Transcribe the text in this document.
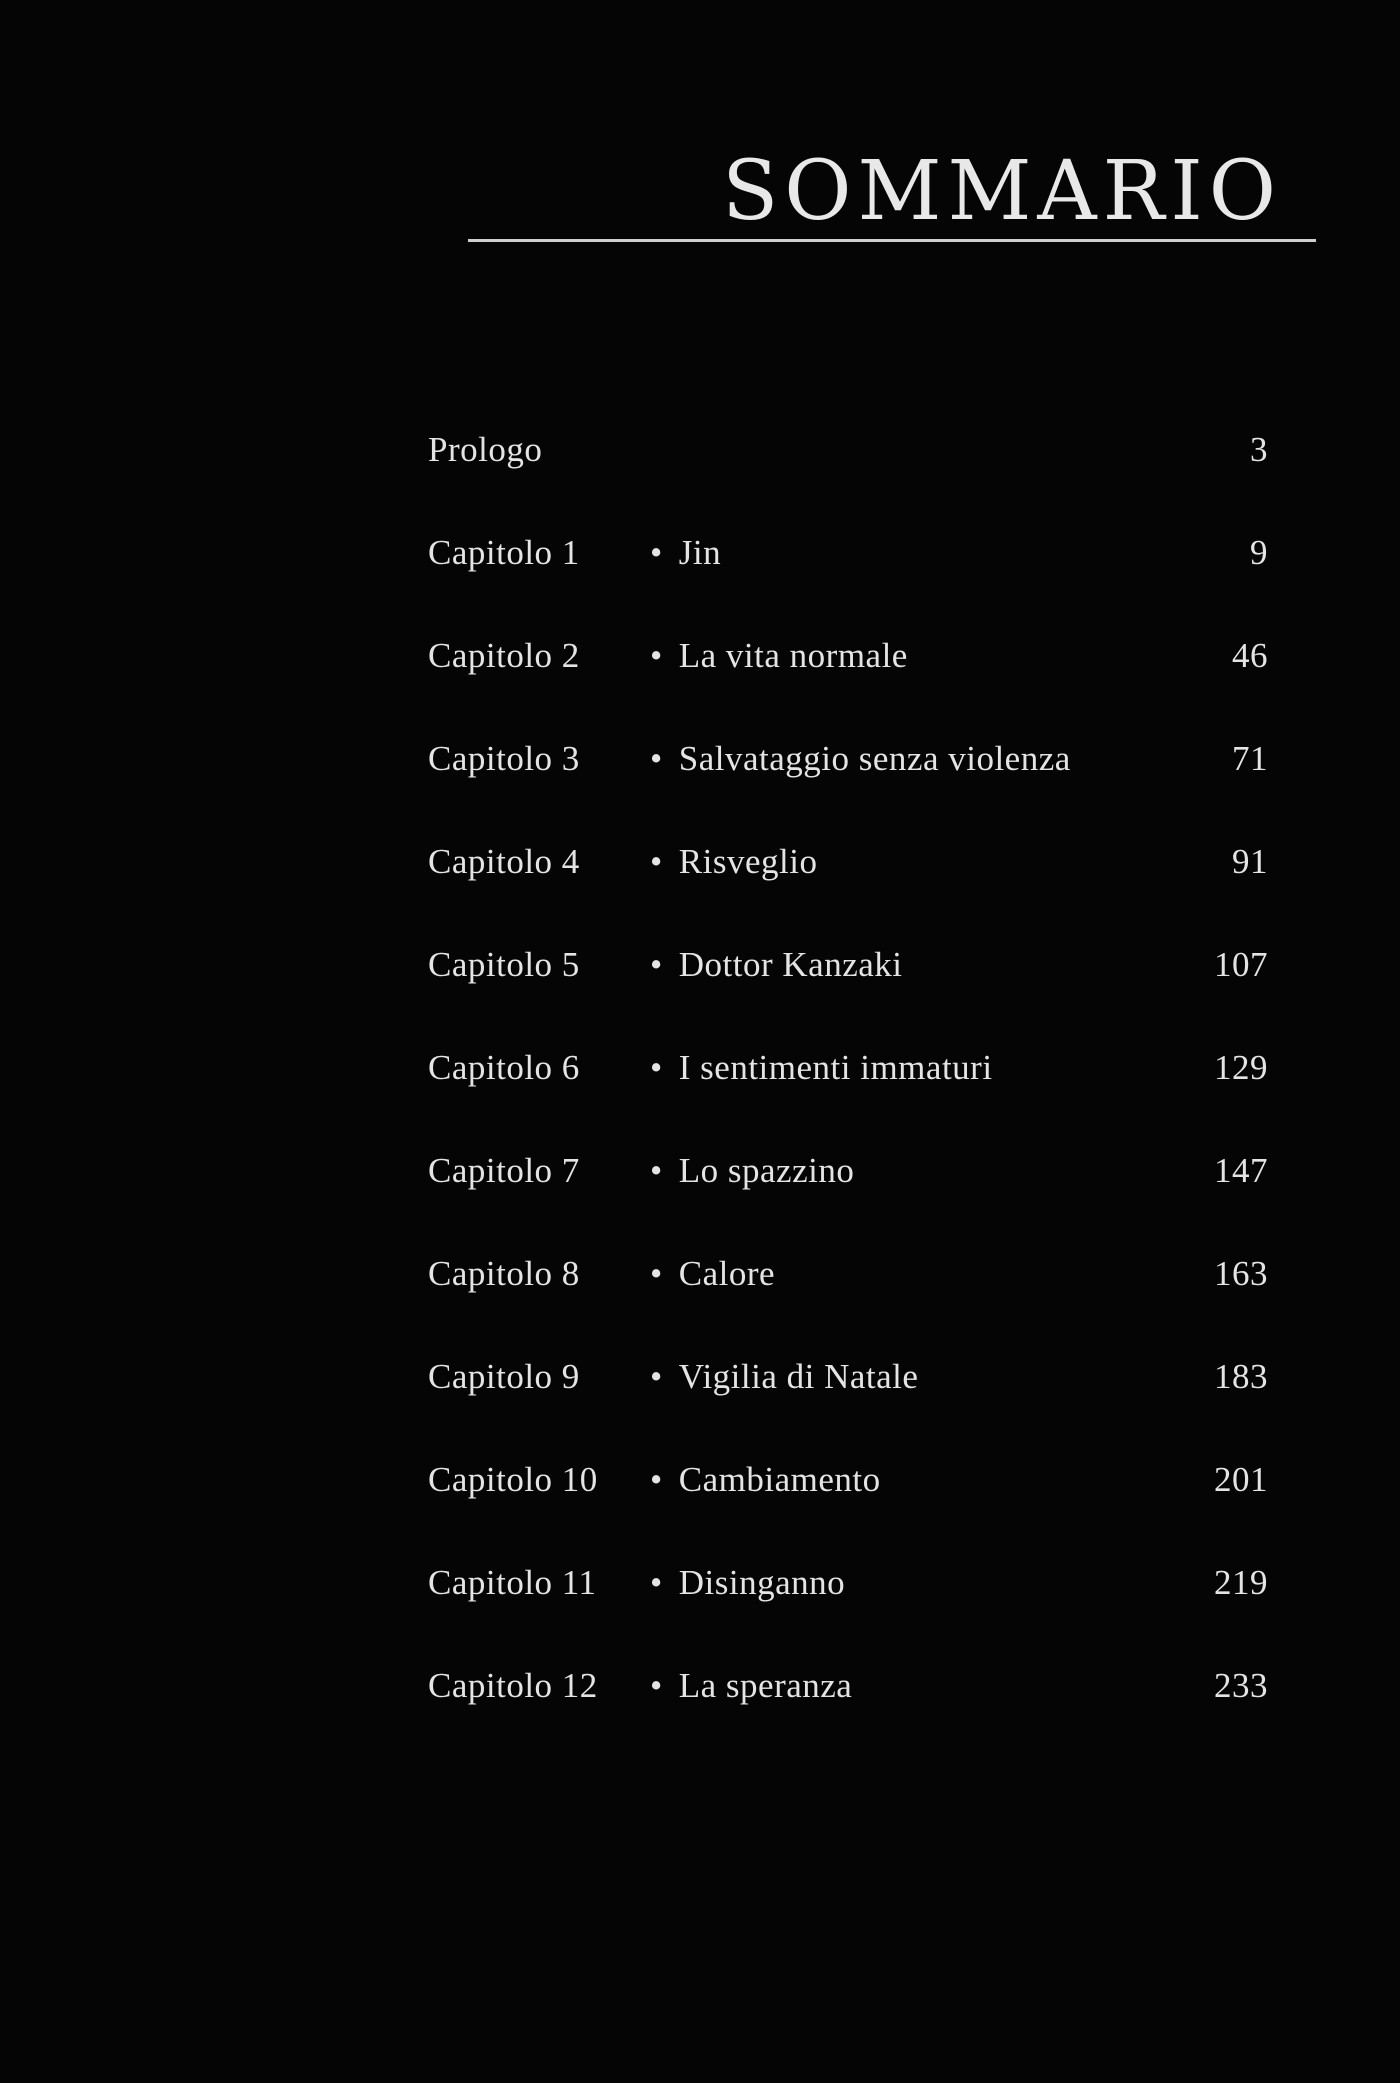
SOMMARIO
Prologo	3
Capitolo 1 • Jin	9
Capitolo 2 • La vita normale	46
Capitolo 3 • Salvataggio senza violenza	71
Capitolo 4 • Risveglio	91
Capitolo 5 • Dottor Kanzaki	107
Capitolo 6 • I sentimenti immaturi	129
Capitolo 7 • Lo spazzino	147
Capitolo 8 • Calore	163
Capitolo 9 • Vigilia di Natale	183
Capitolo 10 • Cambiamento	201
Capitolo 11 • Disinganno	219
Capitolo 12 • La speranza	233
